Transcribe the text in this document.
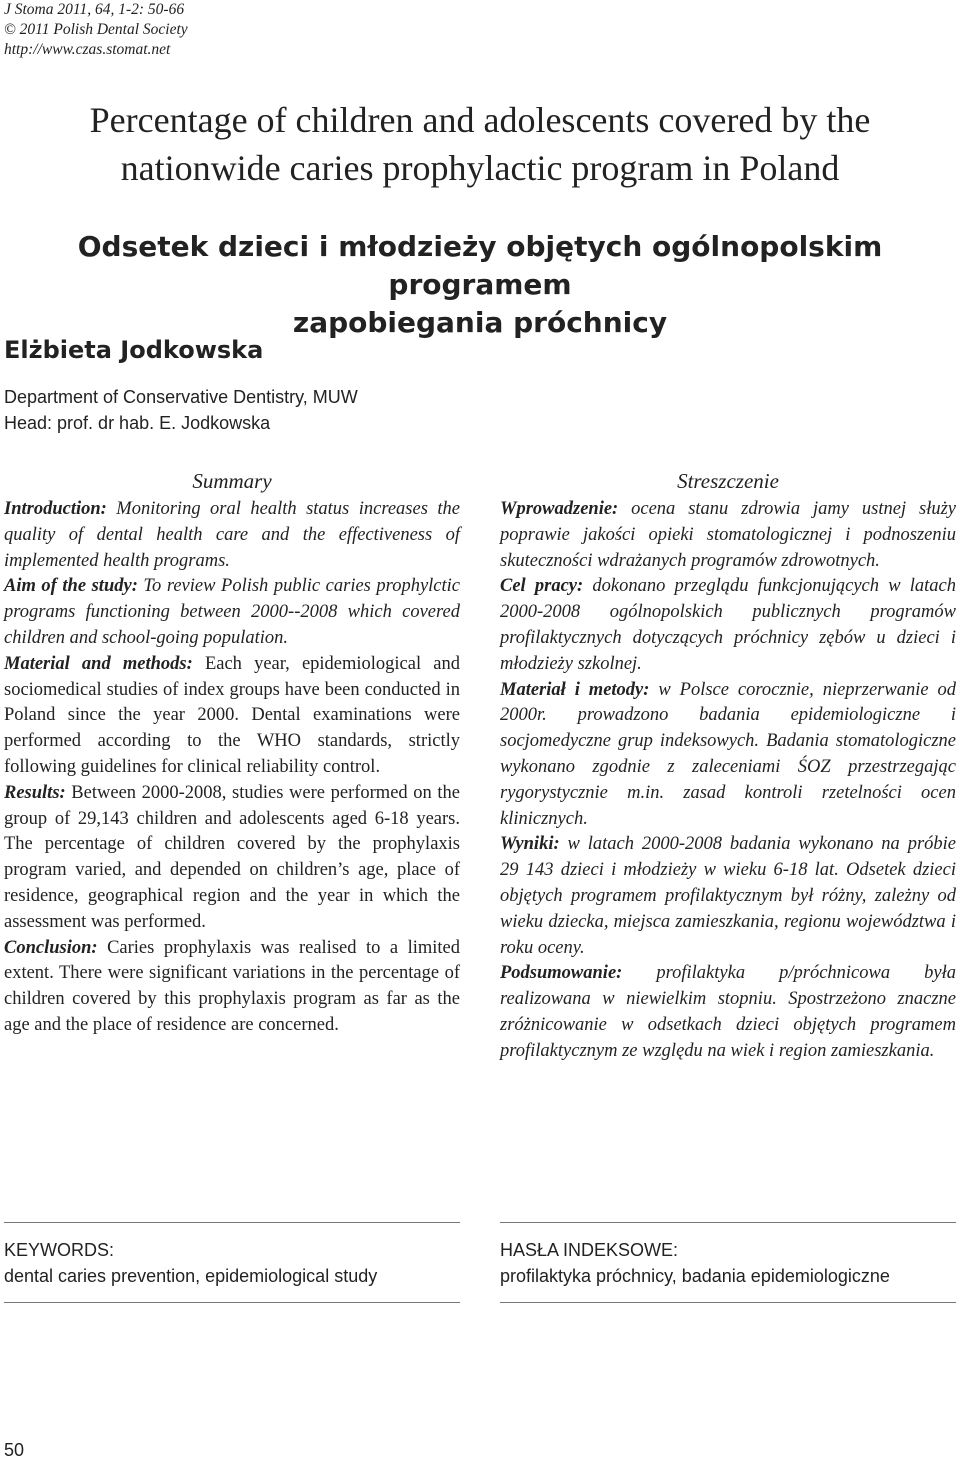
J Stoma 2011, 64, 1-2: 50-66
© 2011 Polish Dental Society
http://www.czas.stomat.net
Percentage of children and adolescents covered by the
nationwide caries prophylactic program in Poland
Odsetek dzieci i młodzieży objętych ogólnopolskim programem
zapobiegania próchnicy
Elżbieta Jodkowska
Department of Conservative Dentistry, MUW
Head: prof. dr hab. E. Jodkowska
Summary

Introduction: Monitoring oral health status increases the quality of dental health care and the effectiveness of implemented health programs.

Aim of the study: To review Polish public caries prophylctic programs functioning between 2000--2008 which covered children and school-going population.

Material and methods: Each year, epidemiological and sociomedical studies of index groups have been conducted in Poland since the year 2000. Dental examinations were performed according to the WHO standards, strictly following guidelines for clinical reliability control.

Results: Between 2000-2008, studies were performed on the group of 29,143 children and adolescents aged 6-18 years. The percentage of children covered by the prophylaxis program varied, and depended on children’s age, place of residence, geographical region and the year in which the assessment was performed.

Conclusion: Caries prophylaxis was realised to a limited extent. There were significant variations in the percentage of children covered by this prophylaxis program as far as the age and the place of residence are concerned.

Streszczenie

Wprowadzenie: ocena stanu zdrowia jamy ustnej służy poprawie jakości opieki stomatologicznej i podnoszeniu skuteczności wdrażanych programów zdrowotnych.

Cel pracy: dokonano przeglądu funkcjonujących w latach 2000-2008 ogólnopolskich publicznych programów profilaktycznych dotyczących próchnicy zębów u dzieci i młodzieży szkolnej.

Materiał i metody: w Polsce corocznie, nieprzerwanie od 2000r. prowadzono badania epidemiologiczne i socjomedyczne grup indeksowych. Badania stomatologiczne wykonano zgodnie z zaleceniami ŚOZ przestrzegając rygorystycznie m.in. zasad kontroli rzetelności ocen klinicznych.

Wyniki: w latach 2000-2008 badania wykonano na próbie 29 143 dzieci i młodzieży w wieku 6-18 lat. Odsetek dzieci objętych programem profilaktycznym był różny, zależny od wieku dziecka, miejsca zamieszkania, regionu województwa i roku oceny.

Podsumowanie: profilaktyka p/próchnicowa była realizowana w niewielkim stopniu. Spostrzeżono znaczne zróżnicowanie w odsetkach dzieci objętych programem profilaktycznym ze względu na wiek i region zamieszkania.

KEYWORDS:
dental caries prevention, epidemiological study
HASŁA INDEKSOWE:
profilaktyka próchnicy, badania epidemiologiczne
50
